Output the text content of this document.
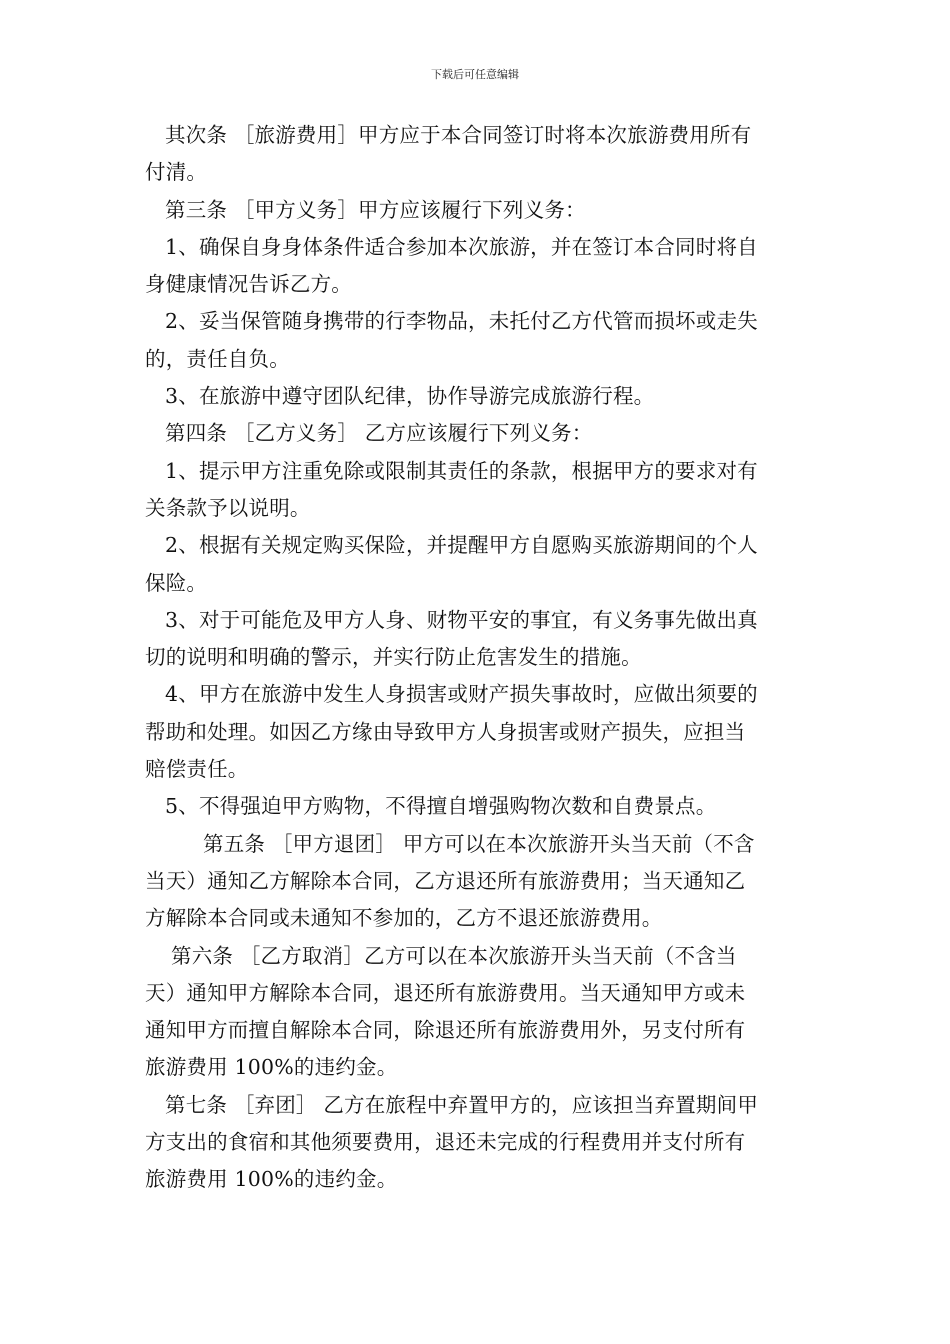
下载后可任意编辑
其次条 ［旅游费用］甲方应于本合同签订时将本次旅游费用所有
付清。
第三条 ［甲方义务］甲方应该履行下列义务：
1、确保自身身体条件适合参加本次旅游，并在签订本合同时将自
身健康情况告诉乙方。
2、妥当保管随身携带的行李物品，未托付乙方代管而损坏或走失
的，责任自负。
3、在旅游中遵守团队纪律，协作导游完成旅游行程。
第四条 ［乙方义务］ 乙方应该履行下列义务：
1、提示甲方注重免除或限制其责任的条款，根据甲方的要求对有
关条款予以说明。
2、根据有关规定购买保险，并提醒甲方自愿购买旅游期间的个人
保险。
3、对于可能危及甲方人身、财物平安的事宜，有义务事先做出真
切的说明和明确的警示，并实行防止危害发生的措施。
4、甲方在旅游中发生人身损害或财产损失事故时，应做出须要的
帮助和处理。如因乙方缘由导致甲方人身损害或财产损失，应担当
赔偿责任。
5、不得强迫甲方购物，不得擅自增强购物次数和自费景点。
第五条 ［甲方退团］ 甲方可以在本次旅游开头当天前（不含
当天）通知乙方解除本合同，乙方退还所有旅游费用；当天通知乙
方解除本合同或未通知不参加的，乙方不退还旅游费用。
第六条 ［乙方取消］乙方可以在本次旅游开头当天前（不含当
天）通知甲方解除本合同，退还所有旅游费用。当天通知甲方或未
通知甲方而擅自解除本合同，除退还所有旅游费用外，另支付所有
旅游费用 100%的违约金。
第七条 ［弃团］ 乙方在旅程中弃置甲方的，应该担当弃置期间甲
方支出的食宿和其他须要费用，退还未完成的行程费用并支付所有
旅游费用 100%的违约金。
